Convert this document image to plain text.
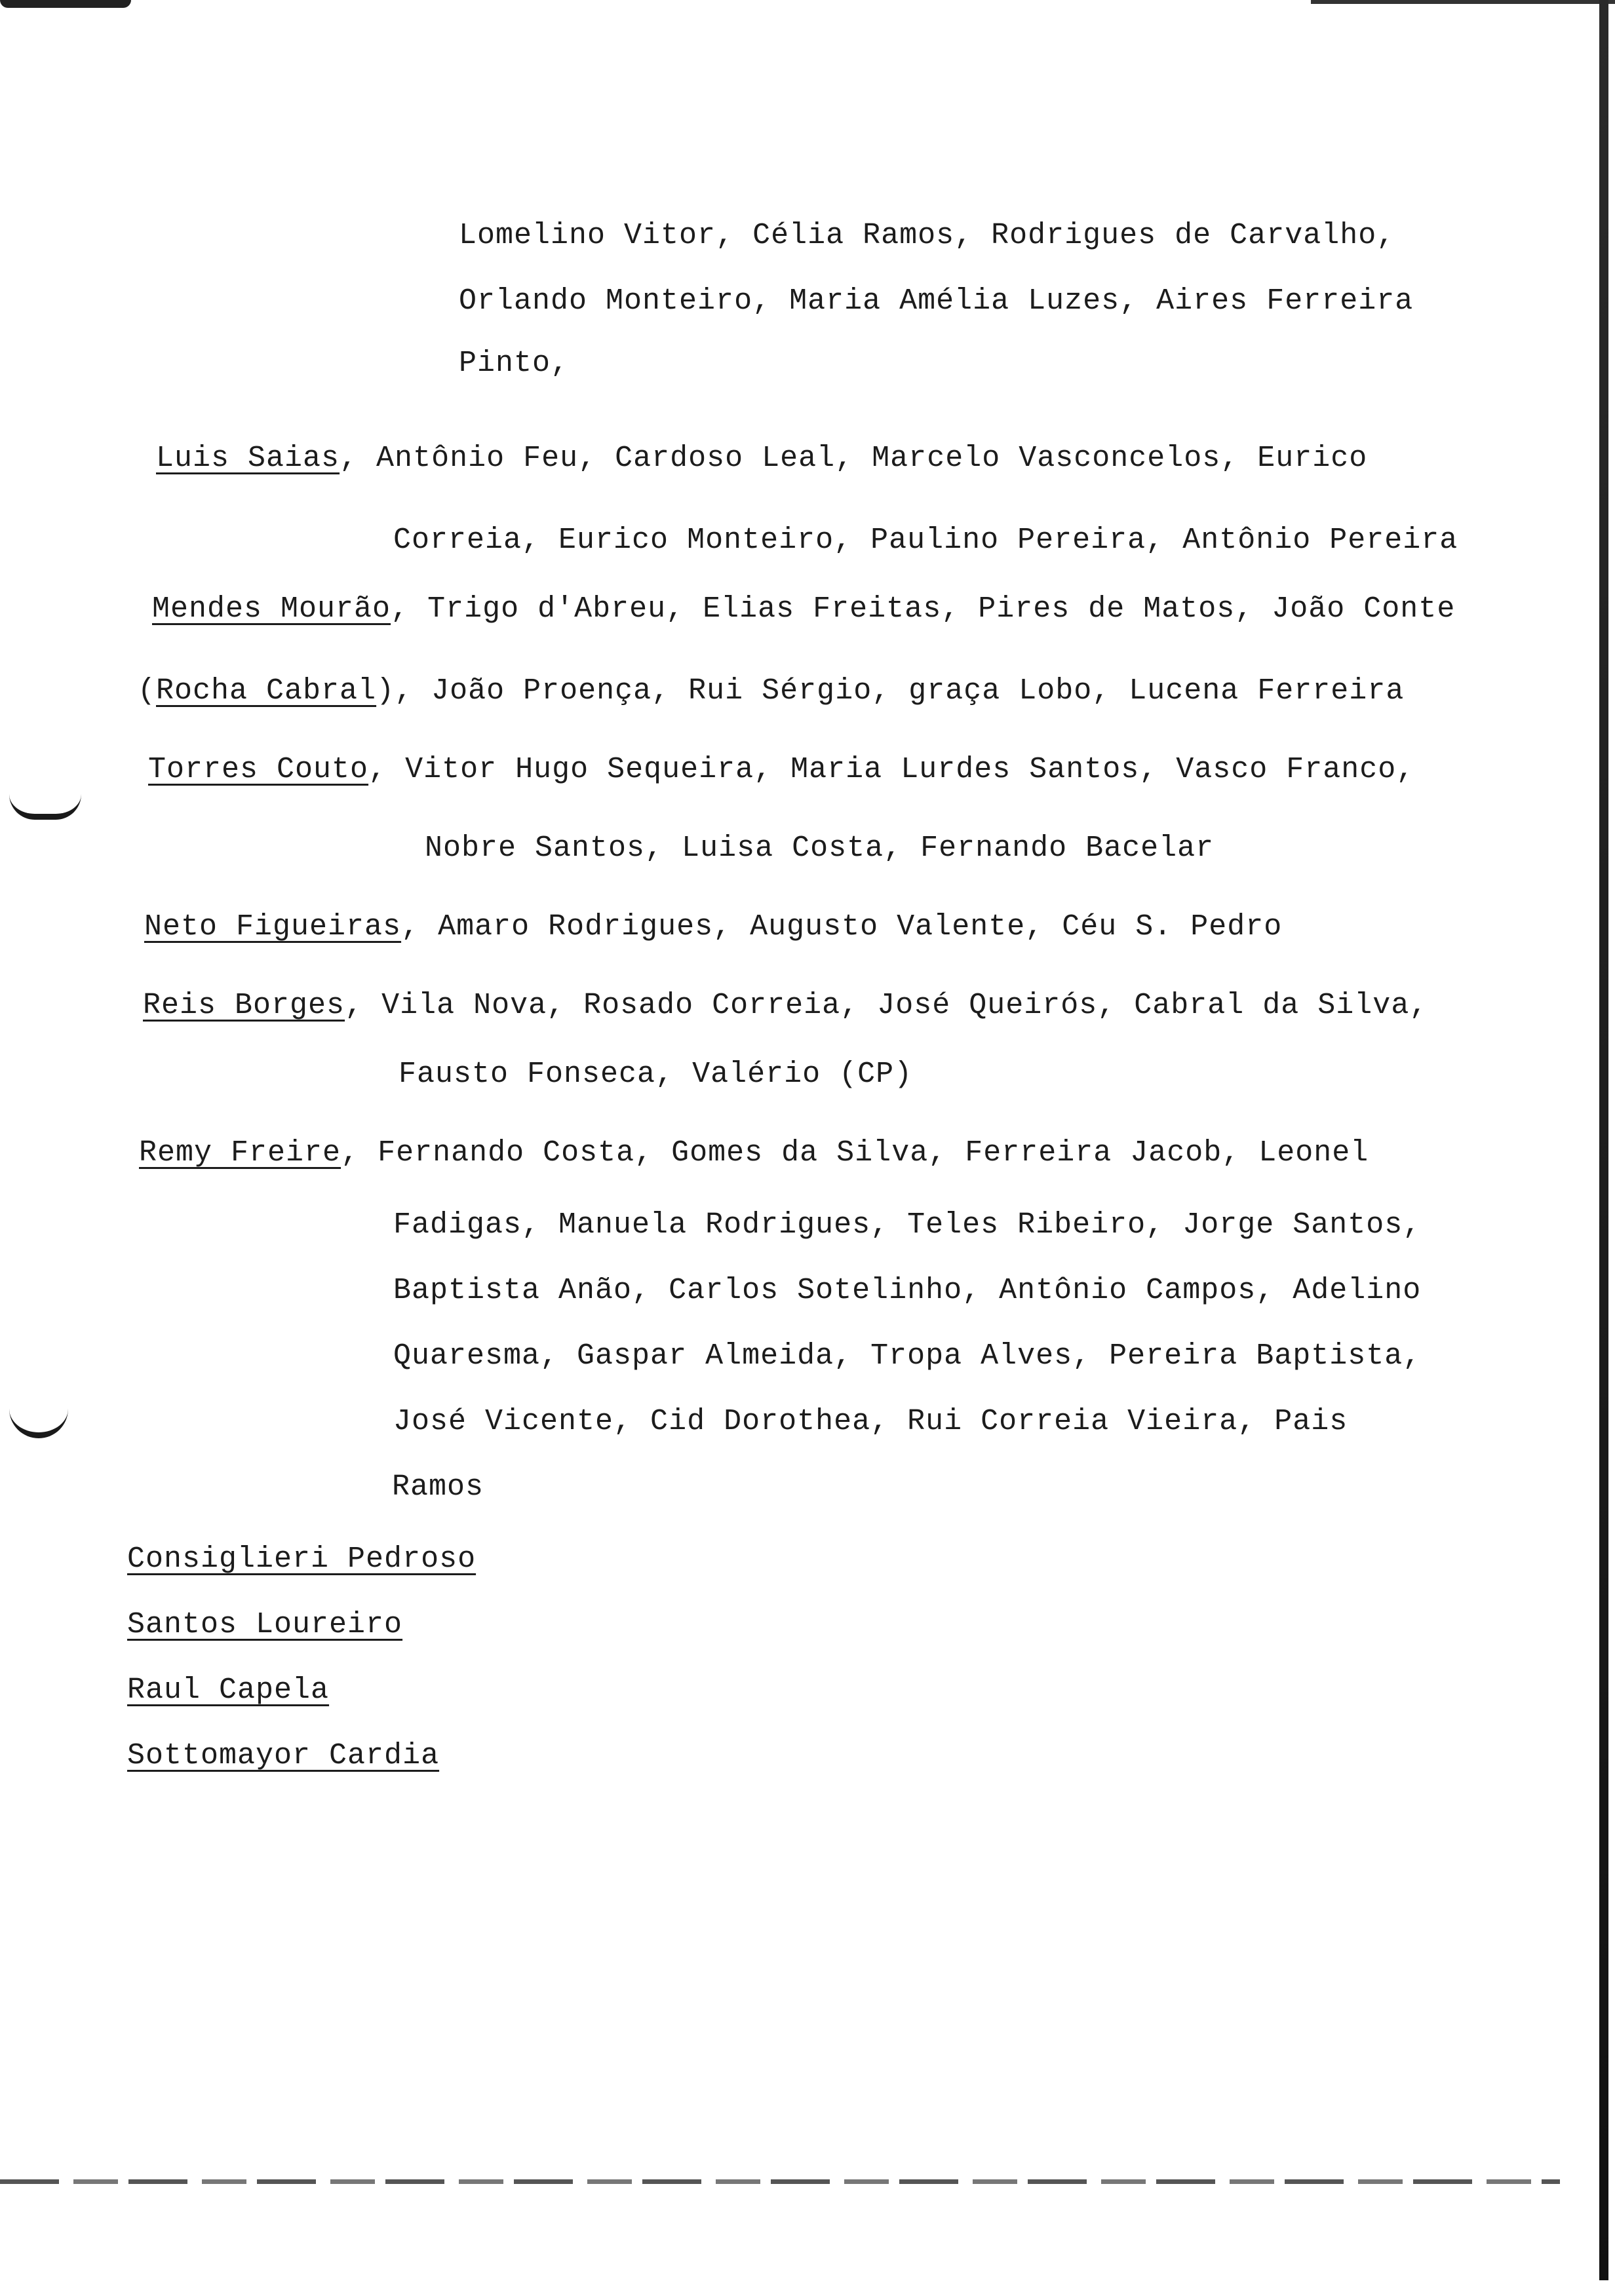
Lomelino Vitor, Célia Ramos, Rodrigues de Carvalho,
Orlando Monteiro, Maria Amélia Luzes, Aires Ferreira
Pinto,
Luis Saias, Antônio Feu, Cardoso Leal, Marcelo Vasconcelos, Eurico
Correia, Eurico Monteiro, Paulino Pereira, Antônio Pereira
Mendes Mourão, Trigo d'Abreu, Elias Freitas, Pires de Matos, João Conte
(Rocha Cabral), João Proença, Rui Sérgio, graça Lobo, Lucena Ferreira
Torres Couto, Vitor Hugo Sequeira, Maria Lurdes Santos, Vasco Franco,
Nobre Santos, Luisa Costa, Fernando Bacelar
Neto Figueiras, Amaro Rodrigues, Augusto Valente, Céu S. Pedro
Reis Borges, Vila Nova, Rosado Correia, José Queirós, Cabral da Silva,
Fausto Fonseca, Valério (CP)
Remy Freire, Fernando Costa, Gomes da Silva, Ferreira Jacob, Leonel
Fadigas, Manuela Rodrigues, Teles Ribeiro, Jorge Santos,
Baptista Anão, Carlos Sotelinho, Antônio Campos, Adelino
Quaresma, Gaspar Almeida, Tropa Alves, Pereira Baptista,
José Vicente, Cid Dorothea, Rui Correia Vieira, Pais
Ramos
Consiglieri Pedroso
Santos Loureiro
Raul Capela
Sottomayor Cardia
